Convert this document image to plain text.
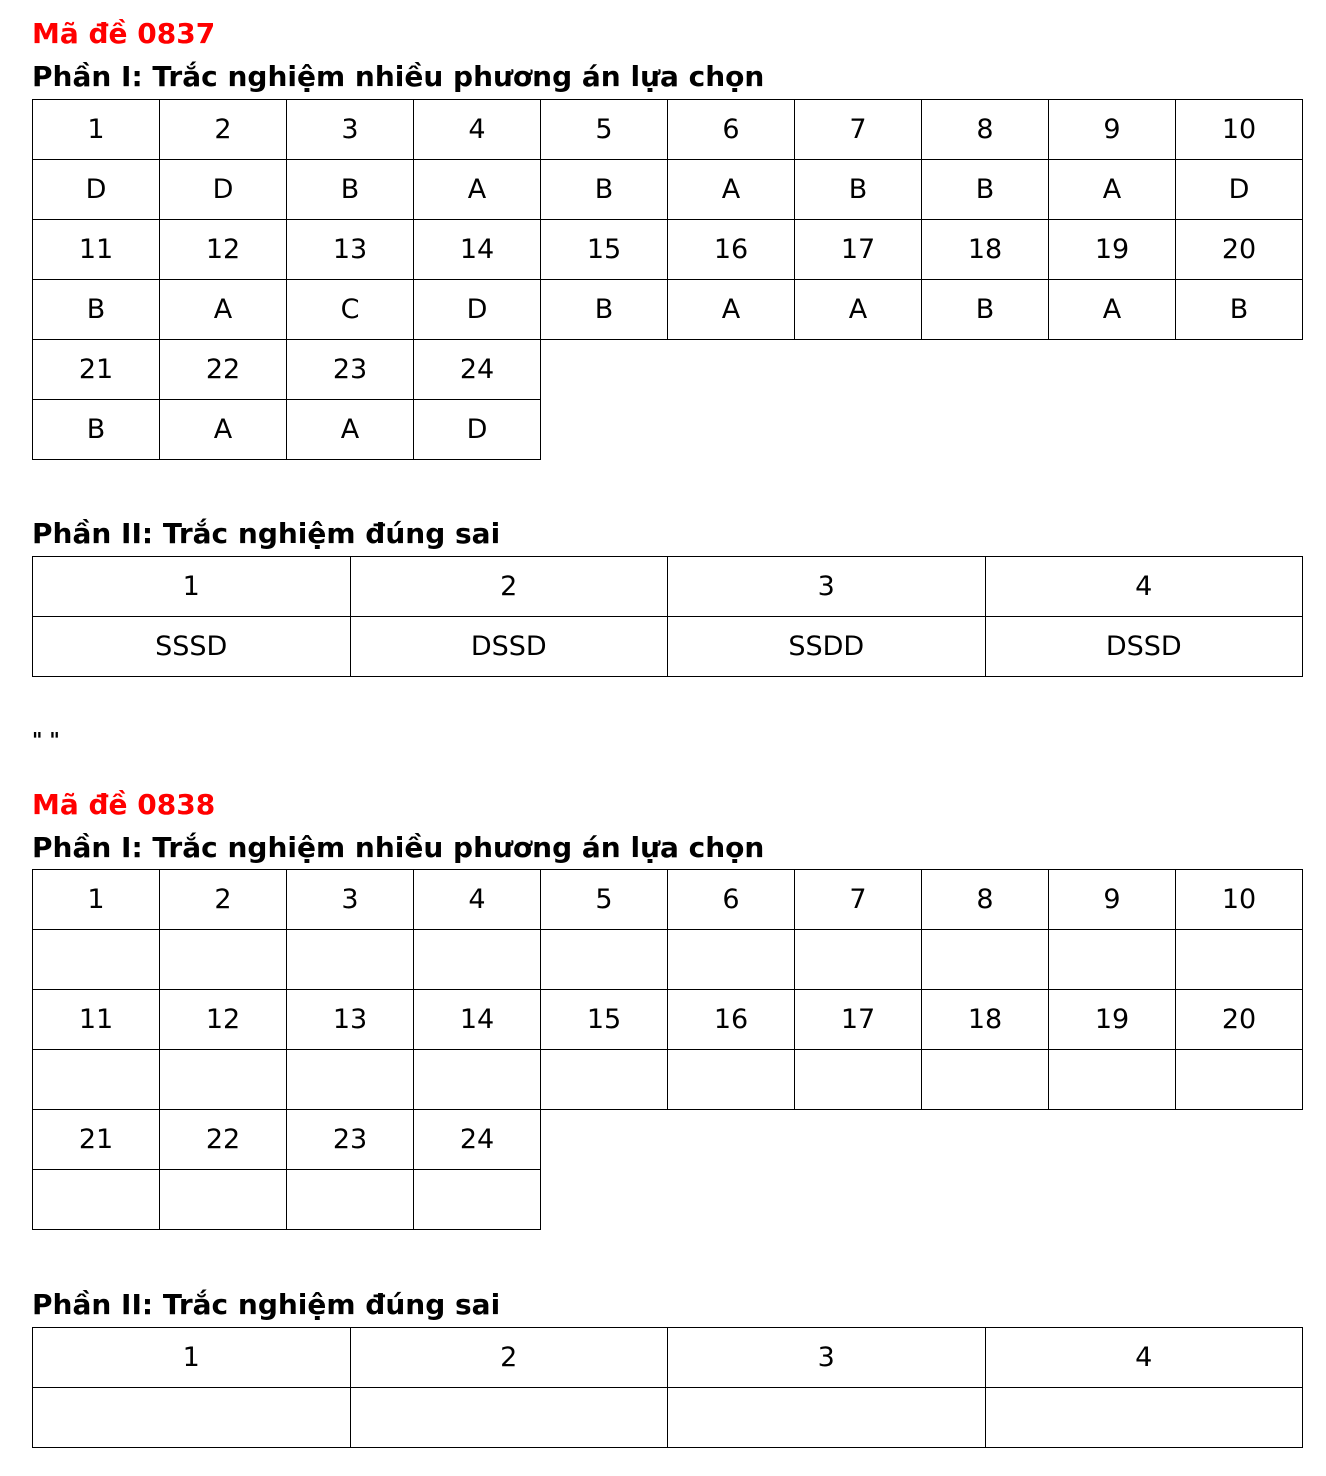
Mã đề 0837
Phần I: Trắc nghiệm nhiều phương án lựa chọn
1	2	3	4	5	6	7	8	9	10
D	D	B	A	B	A	B	B	A	D
11	12	13	14	15	16	17	18	19	20
B	A	C	D	B	A	A	B	A	B
21	22	23	24						
B	A	A	D						
Phần II: Trắc nghiệm đúng sai
1	2	3	4
SSSD	DSSD	SSDD	DSSD
" "
Mã đề 0838
Phần I: Trắc nghiệm nhiều phương án lựa chọn
1	2	3	4	5	6	7	8	9	10

11	12	13	14	15	16	17	18	19	20

21	22	23	24						

Phần II: Trắc nghiệm đúng sai
1	2	3	4
